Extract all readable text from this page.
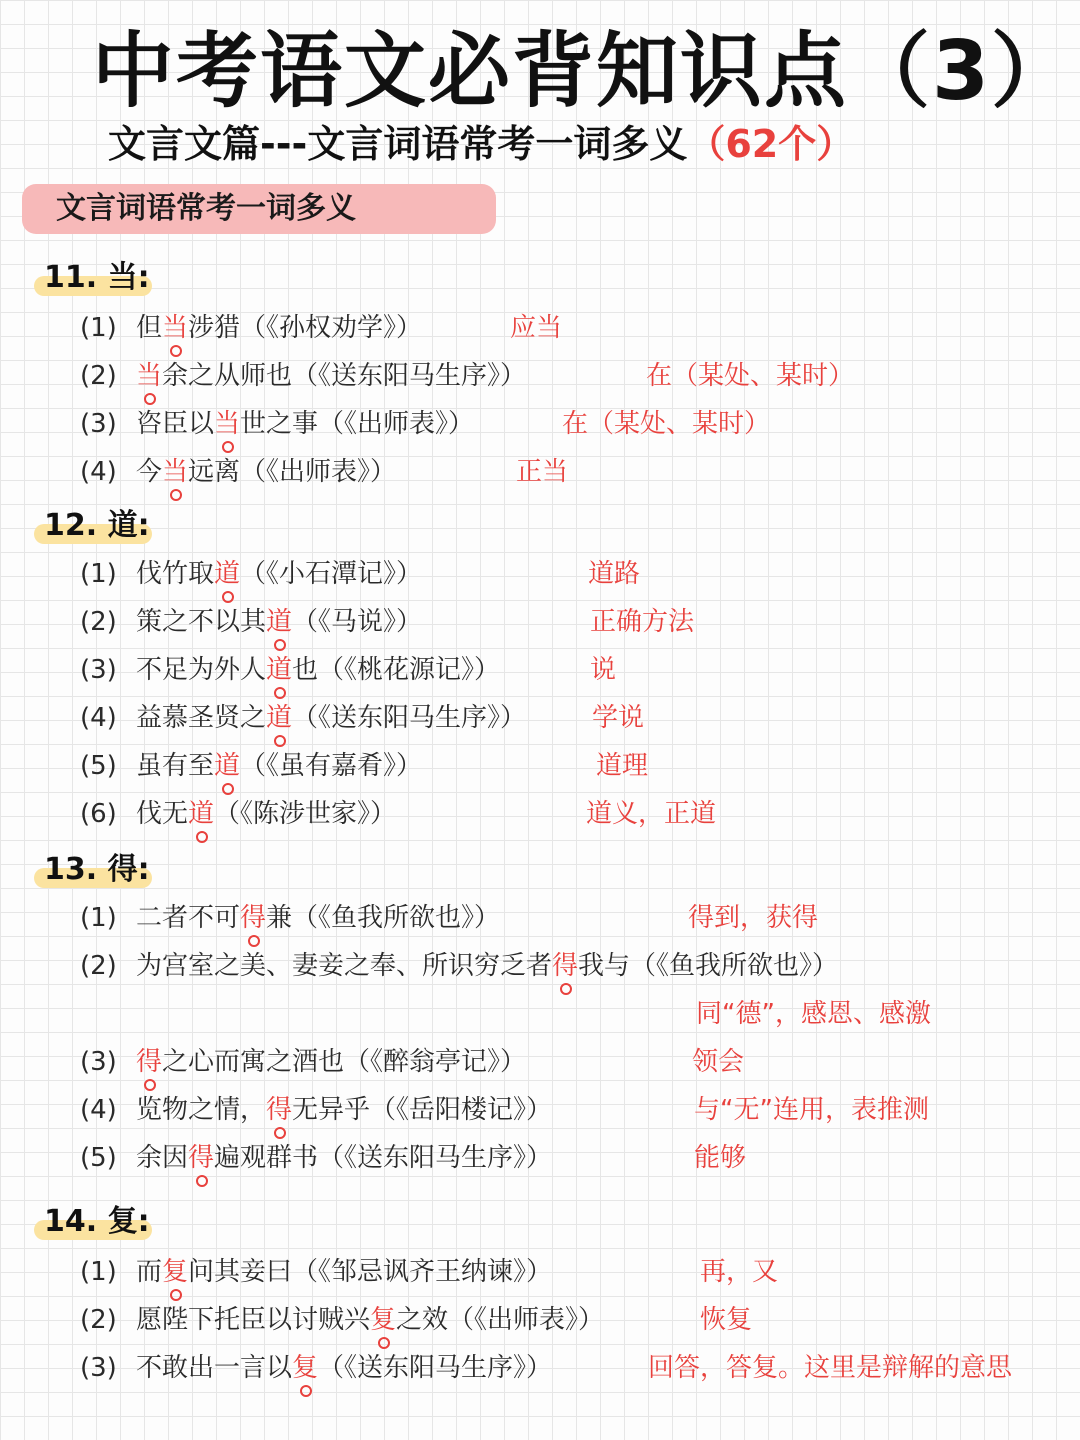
中考语文必背知识点（3）
文言文篇---文言词语常考一词多义（62个）
文言词语常考一词多义
11. 当:
(1) 但当涉猎（《孙权劝学》）	应当
(2) 当余之从师也（《送东阳马生序》）	在（某处、某时）
(3) 咨臣以当世之事（《出师表》）	在（某处、某时）
(4) 今当远离（《出师表》）	正当
12. 道:
(1) 伐竹取道（《小石潭记》）	道路
(2) 策之不以其道（《马说》）	正确方法
(3) 不足为外人道也（《桃花源记》）	说
(4) 益慕圣贤之道（《送东阳马生序》）	学说
(5) 虽有至道（《虽有嘉肴》）	道理
(6) 伐无道（《陈涉世家》）	道义，正道
13. 得:
(1) 二者不可得兼（《鱼我所欲也》）	得到，获得
(2) 为宫室之美、妻妾之奉、所识穷乏者得我与（《鱼我所欲也》）
同“德”，感恩、感激
(3) 得之心而寓之酒也（《醉翁亭记》）	领会
(4) 览物之情，得无异乎（《岳阳楼记》）	与“无”连用，表推测
(5) 余因得遍观群书（《送东阳马生序》）	能够
14. 复:
(1) 而复问其妾曰（《邹忌讽齐王纳谏》）	再，又
(2) 愿陛下托臣以讨贼兴复之效（《出师表》）	恢复
(3) 不敢出一言以复（《送东阳马生序》）	回答，答复。这里是辩解的意思
